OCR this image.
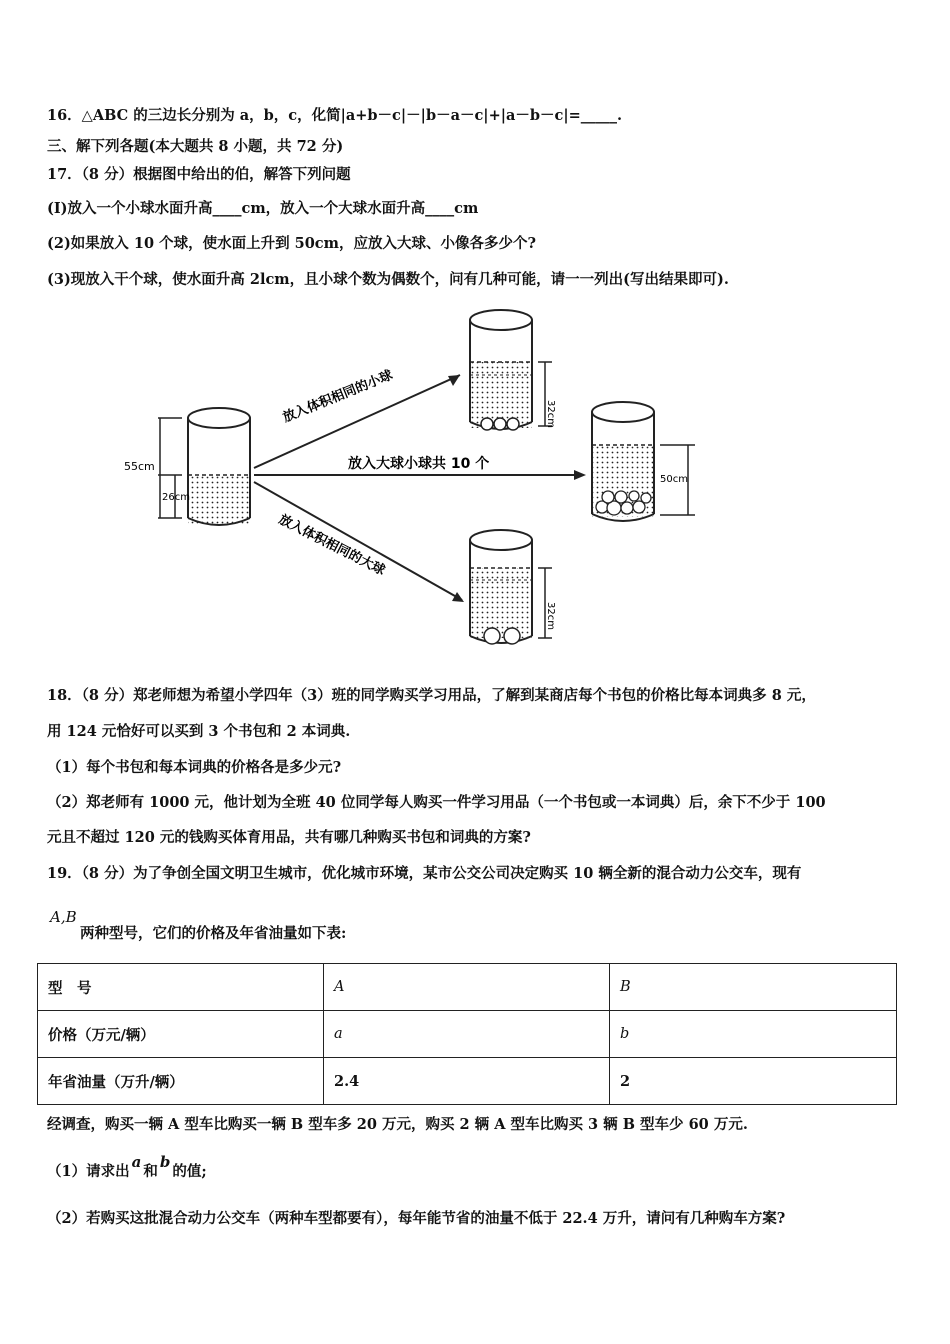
16．△ABC 的三边长分别为 a，b，c，化简|a+b－c|－|b－a－c|+|a－b－c|=_____.
三、解下列各题(本大题共 8 小题，共 72 分)
17．（8 分）根据图中给出的伯，解答下列问题
(I)放入一个小球水面升高____cm，放入一个大球水面升高____cm
(2)如果放入 10 个球，使水面上升到 50cm，应放入大球、小像各多少个?
(3)现放入干个球，使水面升高 2lcm，且小球个数为偶数个，问有几种可能，请一一列出(写出结果即可).
55cm
26cm
放入体积相同的小球
放入大球小球共 10 个
放入体积相同的大球
32cm
50cm
32cm
18．（8 分）郑老师想为希望小学四年（3）班的同学购买学习用品，了解到某商店每个书包的价格比每本词典多 8 元，
用 124 元恰好可以买到 3 个书包和 2 本词典.
（1）每个书包和每本词典的价格各是多少元?
（2）郑老师有 1000 元，他计划为全班 40 位同学每人购买一件学习用品（一个书包或一本词典）后，余下不少于 100
元且不超过 120 元的钱购买体育用品，共有哪几种购买书包和词典的方案?
19．（8 分）为了争创全国文明卫生城市，优化城市环境，某市公交公司决定购买 10 辆全新的混合动力公交车，现有
A,B
两种型号，它们的价格及年省油量如下表:
型　号	A	B
价格（万元/辆）	a	b
年省油量（万升/辆）	2.4	2
经调查，购买一辆 A 型车比购买一辆 B 型车多 20 万元，购买 2 辆 A 型车比购买 3 辆 B 型车少 60 万元.
（1）请求出a和b的值;
（2）若购买这批混合动力公交车（两种车型都要有），每年能节省的油量不低于 22.4 万升，请问有几种购车方案?
